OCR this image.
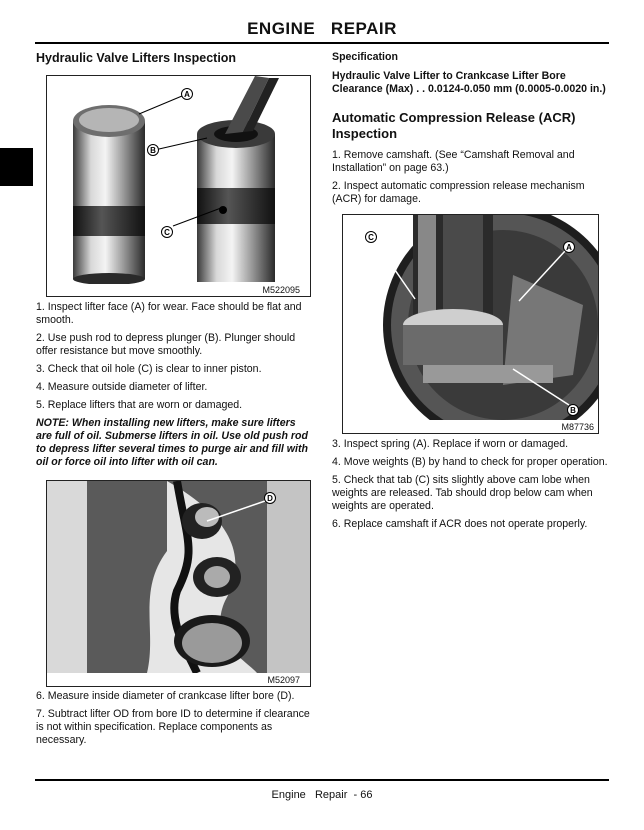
ENGINE   REPAIR
Hydraulic Valve Lifters Inspection
A
B
C
M522095
1. Inspect lifter face (A) for wear. Face should be flat and smooth.
2. Use push rod to depress plunger (B). Plunger should offer resistance but move smoothly.
3. Check that oil hole (C) is clear to inner piston.
4. Measure outside diameter of lifter.
5. Replace lifters that are worn or damaged.
NOTE: When installing new lifters, make sure lifters are full of oil. Submerse lifters in oil. Use old push rod to depress lifter several times to purge air and fill with oil or force oil into lifter with oil can.
D
M52097
6. Measure inside diameter of crankcase lifter bore (D).
7. Subtract lifter OD from bore ID to determine if clearance is not within specification. Replace components as necessary.
Specification
Hydraulic Valve Lifter to Crankcase Lifter Bore Clearance (Max) . . 0.0124-0.050 mm (0.0005-0.0020 in.)
Automatic Compression Release (ACR) Inspection
1. Remove camshaft. (See “Camshaft Removal and Installation” on page 63.)
2. Inspect automatic compression release mechanism (ACR) for damage.
C
A
B
M87736
3. Inspect spring (A). Replace if worn or damaged.
4. Move weights (B) by hand to check for proper operation.
5. Check that tab (C) sits slightly above cam lobe when weights are released. Tab should drop below cam when weights are operated.
6. Replace camshaft if ACR does not operate properly.
Engine   Repair  - 66
